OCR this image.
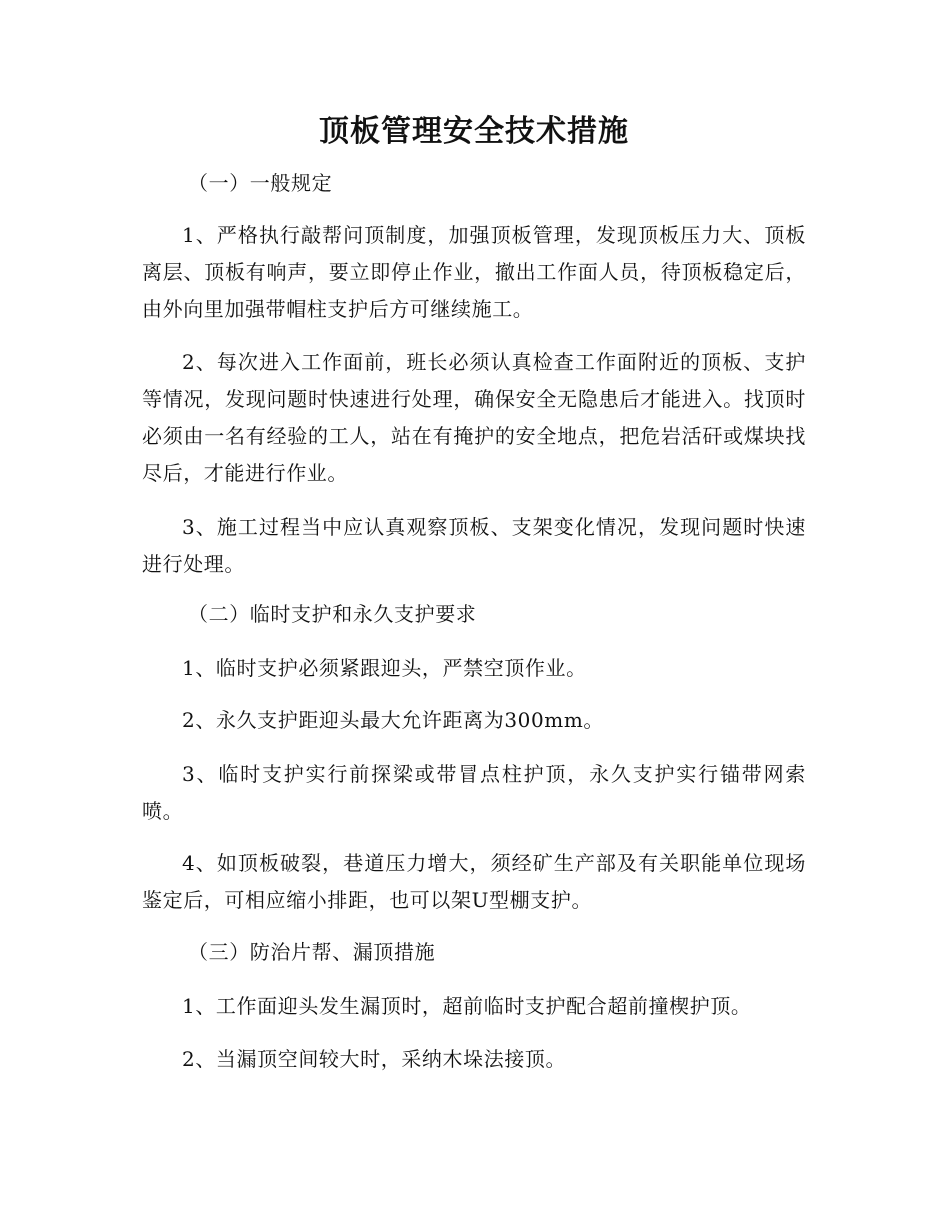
顶板管理安全技术措施

（一）一般规定

1、严格执行敲帮问顶制度，加强顶板管理，发现顶板压力大、顶板离层、顶板有响声，要立即停止作业，撤出工作面人员，待顶板稳定后，由外向里加强带帽柱支护后方可继续施工。

2、每次进入工作面前，班长必须认真检查工作面附近的顶板、支护等情况，发现问题时快速进行处理，确保安全无隐患后才能进入。找顶时必须由一名有经验的工人，站在有掩护的安全地点，把危岩活矸或煤块找尽后，才能进行作业。

3、施工过程当中应认真观察顶板、支架变化情况，发现问题时快速进行处理。

（二）临时支护和永久支护要求

1、临时支护必须紧跟迎头，严禁空顶作业。

2、永久支护距迎头最大允许距离为300mm。

3、临时支护实行前探梁或带冒点柱护顶，永久支护实行锚带网索喷。

4、如顶板破裂，巷道压力增大，须经矿生产部及有关职能单位现场鉴定后，可相应缩小排距，也可以架U型棚支护。

（三）防治片帮、漏顶措施

1、工作面迎头发生漏顶时，超前临时支护配合超前撞楔护顶。

2、当漏顶空间较大时，采纳木垛法接顶。
